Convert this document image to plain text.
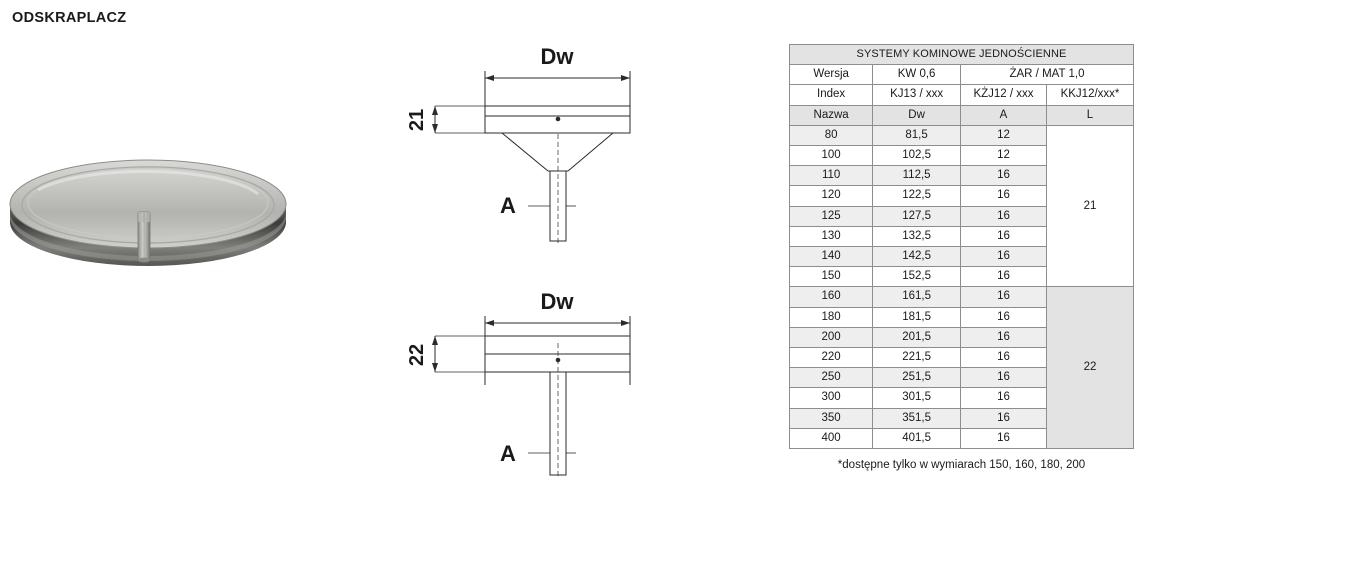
ODSKRAPLACZ
Dw
21
A
Dw
22
A
SYSTEMY KOMINOWE JEDNOŚCIENNE			
Wersja	KW 0,6	ŻAR / MAT 1,0	
Index	KJ13 / xxx	KŻJ12 / xxx	KKJ12/xxx*
Nazwa	Dw	A	L
80	81,5	12	21
100	102,5	12	
110	112,5	16	
120	122,5	16	
125	127,5	16	
130	132,5	16	
140	142,5	16	
150	152,5	16	
160	161,5	16	22
180	181,5	16	
200	201,5	16	
220	221,5	16	
250	251,5	16	
300	301,5	16	
350	351,5	16	
400	401,5	16	
*dostępne tylko w wymiarach 150, 160, 180, 200
